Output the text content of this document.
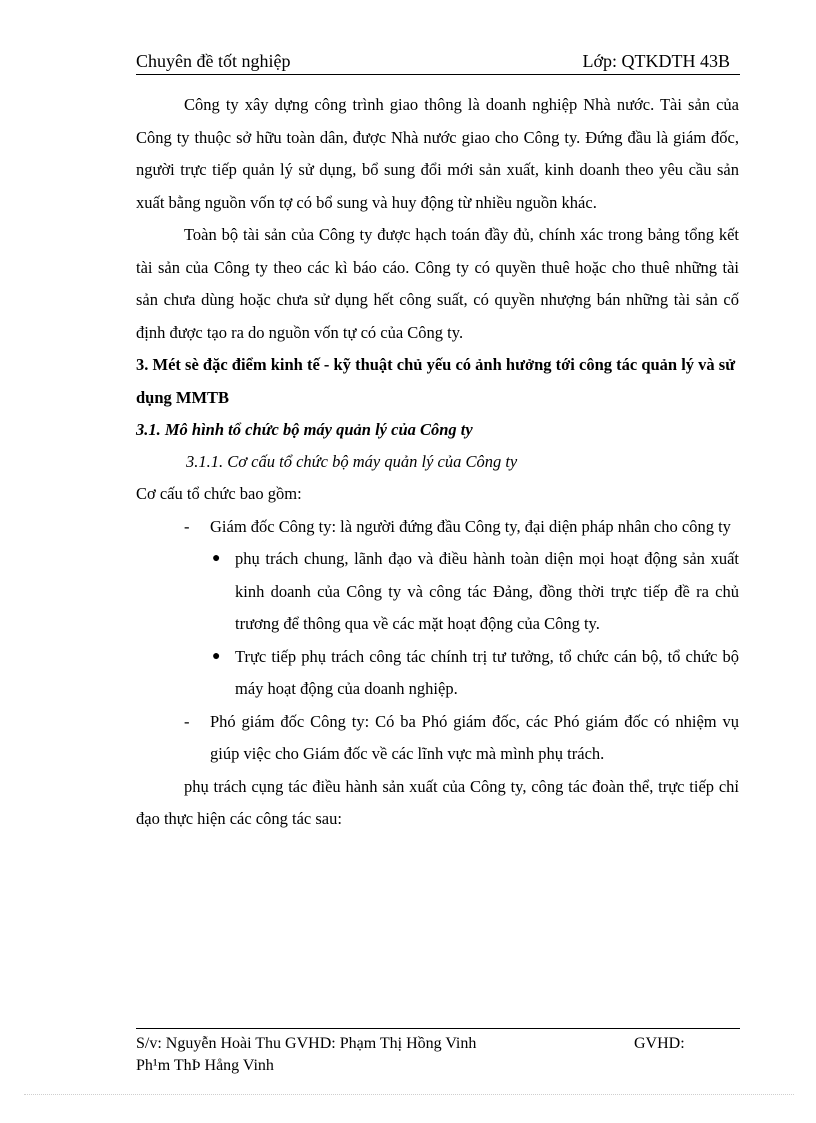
Chuyên đề tốt nghiệp	Lớp: QTKDTH 43B

Công ty xây dựng công trình giao thông là doanh nghiệp Nhà nước. Tài sản của Công ty thuộc sở hữu toàn dân, được Nhà nước giao cho Công ty. Đứng đầu là giám đốc, người trực tiếp quản lý sử dụng, bổ sung đổi mới sản xuất, kinh doanh theo yêu cầu sản xuất bằng nguồn vốn tợ có bổ sung và huy động từ nhiều nguồn khác.

Toàn bộ tài sản của Công ty được hạch toán đầy đủ, chính xác trong bảng tổng kết tài sản của Công ty theo các kì báo cáo. Công ty có quyền thuê hoặc cho thuê những tài sản chưa dùng hoặc chưa sử dụng hết công suất, có quyền nhượng bán những tài sản cố định được tạo ra do nguồn vốn tự có của Công ty.

3. Mét sè đặc điểm kinh tế - kỹ thuật chủ yếu có ảnh hưởng tới công tác quản lý và sử dụng MMTB

3.1. Mô hình tổ chức bộ máy quản lý của Công ty

3.1.1. Cơ cấu tổ chức bộ máy quản lý của Công ty

Cơ cấu tổ chức bao gồm:

- Giám đốc Công ty: là người đứng đầu Công ty, đại diện pháp nhân cho công ty

● phụ trách chung, lãnh đạo và điều hành toàn diện mọi hoạt động sản xuất kinh doanh của Công ty và công tác Đảng, đồng thời trực tiếp đề ra chủ trương để thông qua về các mặt hoạt động của Công ty.

● Trực tiếp phụ trách công tác chính trị tư tưởng, tổ chức cán bộ, tổ chức bộ máy hoạt động của doanh nghiệp.

- Phó giám đốc Công ty: Có ba Phó giám đốc, các Phó giám đốc có nhiệm vụ giúp việc cho Giám đốc về các lĩnh vực mà mình phụ trách.

phụ trách cụng tác điều hành sản xuất của Công ty, công tác đoàn thể, trực tiếp chỉ đạo thực hiện các công tác sau:

S/v: Nguyễn Hoài Thu GVHD: Phạm Thị Hồng Vinh	GVHD:
Ph¹m ThÞ Hång Vinh
